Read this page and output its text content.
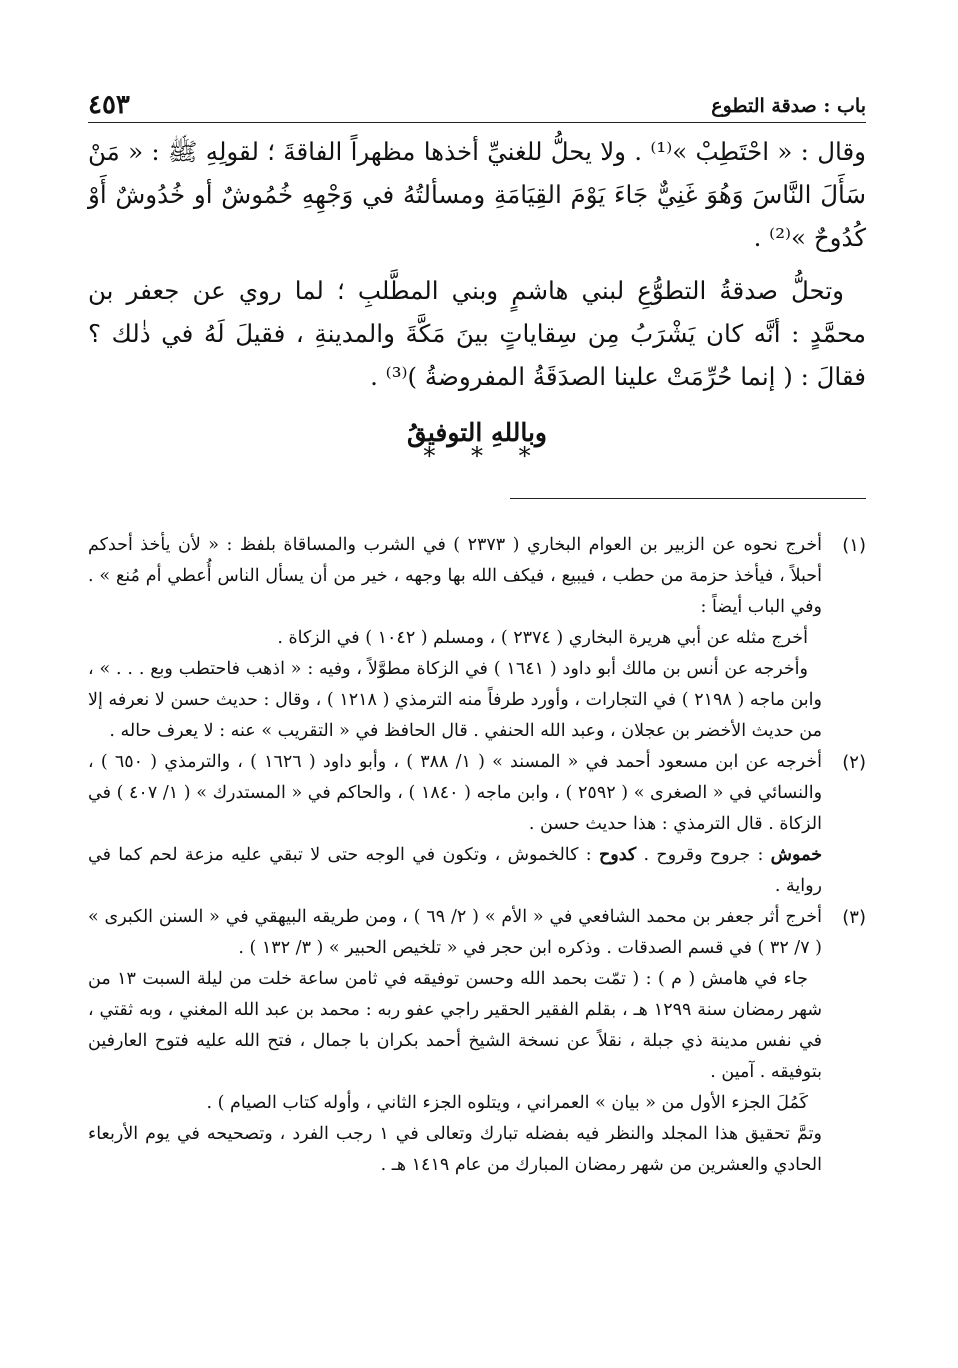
باب : صدقة التطوع
٤٥٣

وقال : « احْتَطِبْ »⁽¹⁾ . ولا يحلُّ للغنيِّ أخذها مظهراً الفاقةَ ؛ لقولِهِ ﷺ : « مَنْ سَأَلَ النَّاسَ وَهُوَ غَنِيٌّ جَاءَ يَوْمَ القِيَامَةِ ومسألتُهُ في وَجْهِهِ خُمُوشٌ أو خُدُوشٌ أَوْ كُدُوحٌ »⁽²⁾ .

وتحلُّ صدقةُ التطوُّعِ لبني هاشمٍ وبني المطَّلبِ ؛ لما روي عن جعفر بن محمَّدٍ : أنَّه كان يَشْرَبُ مِن سِقاياتٍ بينَ مَكَّةَ والمدينةِ ، فقيلَ لَهُ في ذٰلك ؟ فقالَ : ( إنما حُرِّمَتْ علينا الصدَقَةُ المفروضةُ )⁽³⁾ .

وباللهِ التوفيقُ
* * *
(١)

أخرج نحوه عن الزبير بن العوام البخاري ( ٢٣٧٣ ) في الشرب والمساقاة بلفظ : « لأن يأخذ أحدكم أحبلاً ، فيأخذ حزمة من حطب ، فيبيع ، فيكف الله بها وجهه ، خير من أن يسأل الناس أُعطي أم مُنع » . وفي الباب أيضاً :

أخرج مثله عن أبي هريرة البخاري ( ٢٣٧٤ ) ، ومسلم ( ١٠٤٢ ) في الزكاة .

وأخرجه عن أنس بن مالك أبو داود ( ١٦٤١ ) في الزكاة مطوَّلاً ، وفيه : « اذهب فاحتطب وبع . . . » ، وابن ماجه ( ٢١٩٨ ) في التجارات ، وأورد طرفاً منه الترمذي ( ١٢١٨ ) ، وقال : حديث حسن لا نعرفه إلا من حديث الأخضر بن عجلان ، وعبد الله الحنفي . قال الحافظ في « التقريب » عنه : لا يعرف حاله .

(٢)

أخرجه عن ابن مسعود أحمد في « المسند » ( ١/ ٣٨٨ ) ، وأبو داود ( ١٦٢٦ ) ، والترمذي ( ٦٥٠ ) ، والنسائي في « الصغرى » ( ٢٥٩٢ ) ، وابن ماجه ( ١٨٤٠ ) ، والحاكم في « المستدرك » ( ١/ ٤٠٧ ) في الزكاة . قال الترمذي : هذا حديث حسن .

خموش : جروح وقروح . كدوح : كالخموش ، وتكون في الوجه حتى لا تبقي عليه مزعة لحم كما في رواية .

(٣)

أخرج أثر جعفر بن محمد الشافعي في « الأم » ( ٢/ ٦٩ ) ، ومن طريقه البيهقي في « السنن الكبرى » ( ٧/ ٣٢ ) في قسم الصدقات . وذكره ابن حجر في « تلخيص الحبير » ( ٣/ ١٣٢ ) .

جاء في هامش ( م ) : ( تمّت بحمد الله وحسن توفيقه في ثامن ساعة خلت من ليلة السبت ١٣ من شهر رمضان سنة ١٢٩٩ هـ ، بقلم الفقير الحقير راجي عفو ربه : محمد بن عبد الله المغني ، وبه ثقتي ، في نفس مدينة ذي جبلة ، نقلاً عن نسخة الشيخ أحمد بكران با جمال ، فتح الله عليه فتوح العارفين بتوفيقه . آمين .

كَمُلَ الجزء الأول من « بيان » العمراني ، ويتلوه الجزء الثاني ، وأوله كتاب الصيام ) .

وتمَّ تحقيق هذا المجلد والنظر فيه بفضله تبارك وتعالى في ١ رجب الفرد ، وتصحيحه في يوم الأربعاء الحادي والعشرين من شهر رمضان المبارك من عام ١٤١٩ هـ .
